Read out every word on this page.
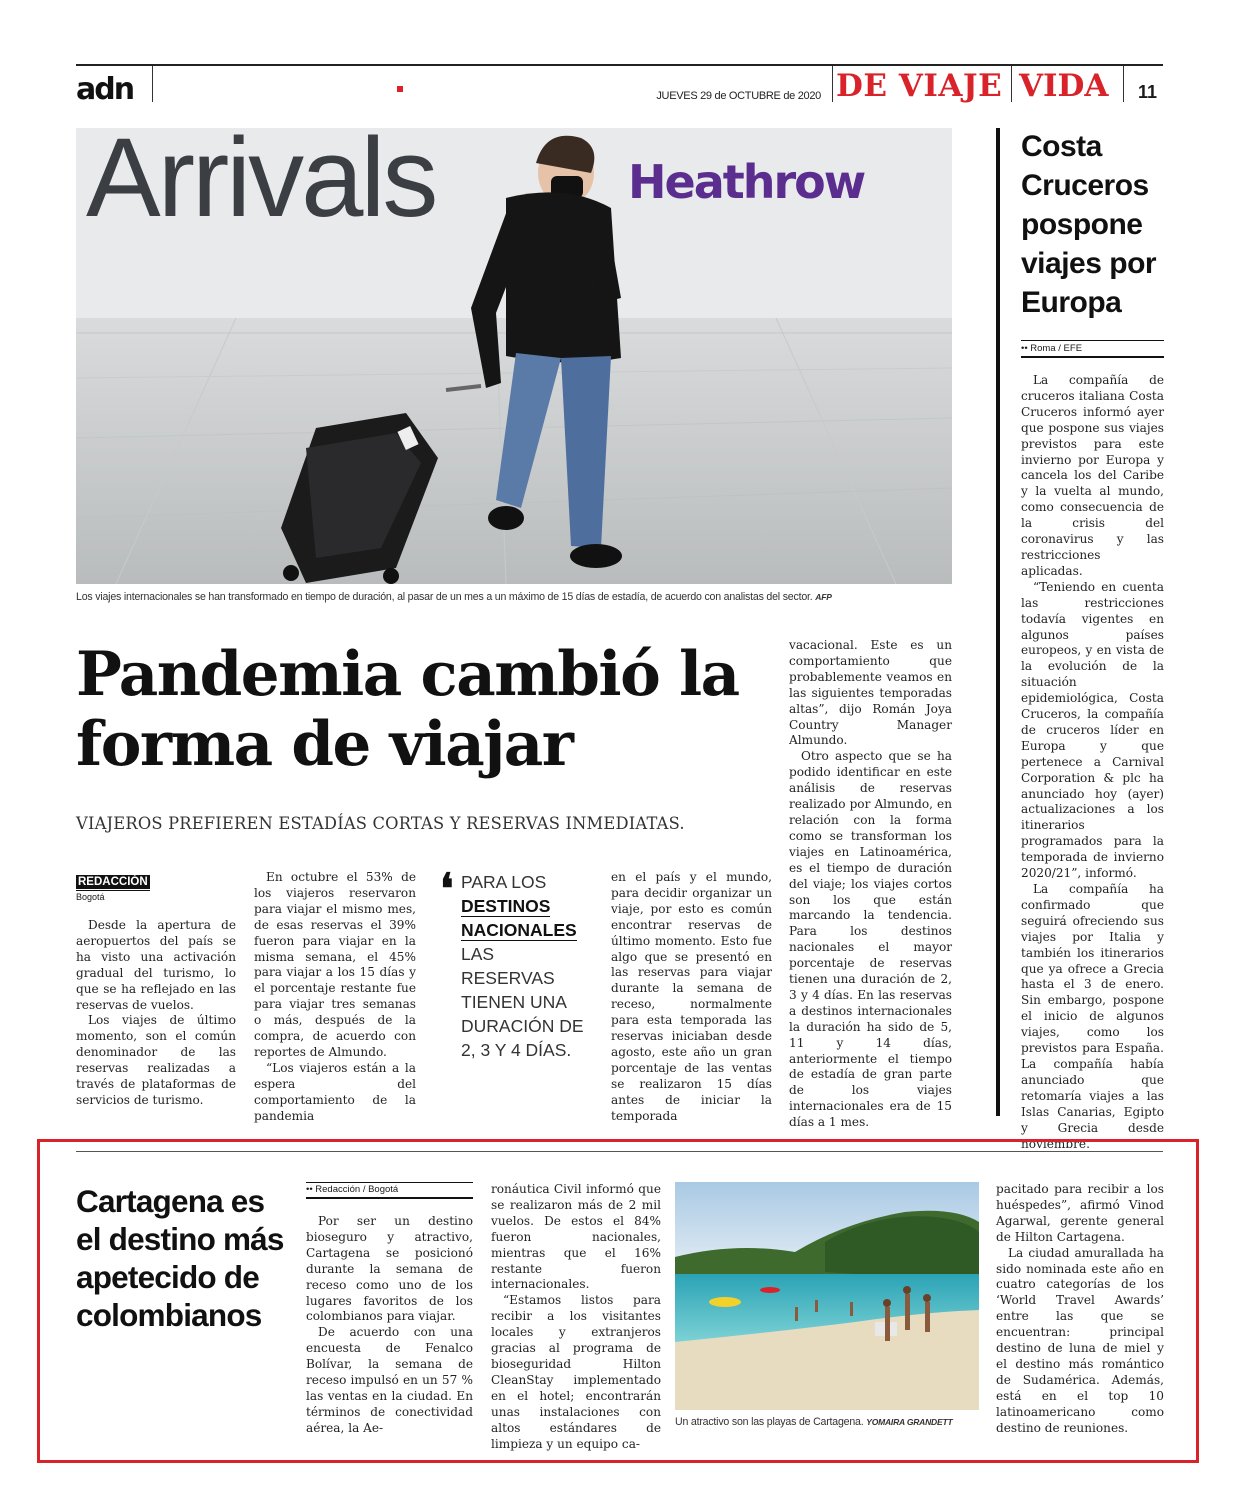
adn	JUEVES 29 de OCTUBRE de 2020 DE VIAJE VIDA 11
Arrivals	Heathrow
Los viajes internacionales se han transformado en tiempo de duración, al pasar de un mes a un máximo de 15 días de estadía, de acuerdo con analistas del sector. AFP
Pandemia cambió la forma de viajar
VIAJEROS PREFIEREN ESTADÍAS CORTAS Y RESERVAS INMEDIATAS.
REDACCIÓN
Bogotá

Desde la apertura de aeropuertos del país se ha visto una activación gradual del turismo, lo que se ha reflejado en las reservas de vuelos.

Los viajes de último momento, son el común denominador de las reservas realizadas a través de plataformas de servicios de turismo.

En octubre el 53% de los viajeros reservaron para viajar el mismo mes, de esas reservas el 39% fueron para viajar en la misma semana, el 45% para viajar a los 15 días y el porcentaje restante fue para viajar tres semanas o más, después de la compra, de acuerdo con reportes de Almundo.

“Los viajeros están a la espera del comportamiento de la pandemia

❛ PARA LOS
DESTINOS NACIONALES
LAS RESERVAS TIENEN UNA DURACIÓN DE 2, 3 Y 4 DÍAS.

en el país y el mundo, para decidir organizar un viaje, por esto es común encontrar reservas de último momento. Esto fue algo que se presentó en las reservas para viajar durante la semana de receso, normalmente para esta temporada las reservas iniciaban desde agosto, este año un gran porcentaje de las ventas se realizaron 15 días antes de iniciar la temporada

vacacional. Este es un comportamiento que probablemente veamos en las siguientes temporadas altas”, dijo Román Joya Country Manager Almundo.

Otro aspecto que se ha podido identificar en este análisis de reservas realizado por Almundo, en relación con la forma como se transforman los viajes en Latinoamérica, es el tiempo de duración del viaje; los viajes cortos son los que están marcando la tendencia. Para los destinos nacionales el mayor porcentaje de reservas tienen una duración de 2, 3 y 4 días. En las reservas a destinos internacionales la duración ha sido de 5, 11 y 14 días, anteriormente el tiempo de estadía de gran parte de los viajes internacionales era de 15 días a 1 mes.

Costa Cruceros pospone viajes por Europa
•• Roma / EFE

La compañía de cruceros italiana Costa Cruceros informó ayer que pospone sus viajes previstos para este invierno por Europa y cancela los del Caribe y la vuelta al mundo, como consecuencia de la crisis del coronavirus y las restricciones aplicadas.

“Teniendo en cuenta las restricciones todavía vigentes en algunos países europeos, y en vista de la evolución de la situación epidemiológica, Costa Cruceros, la compañía de cruceros líder en Europa y que pertenece a Carnival Corporation & plc ha anunciado hoy (ayer) actualizaciones a los itinerarios programados para la temporada de invierno 2020/21”, informó.

La compañía ha confirmado que seguirá ofreciendo sus viajes por Italia y también los itinerarios que ya ofrece a Grecia hasta el 3 de enero. Sin embargo, pospone el inicio de algunos viajes, como los previstos para España. La compañía había anunciado que retomaría viajes a las Islas Canarias, Egipto y Grecia desde noviembre.

Cartagena es el destino más apetecido de colombianos
•• Redacción / Bogotá

Por ser un destino bioseguro y atractivo, Cartagena se posicionó durante la semana de receso como uno de los lugares favoritos de los colombianos para viajar.

De acuerdo con una encuesta de Fenalco Bolívar, la semana de receso impulsó en un 57 % las ventas en la ciudad. En términos de conectividad aérea, la Ae-

ronáutica Civil informó que se realizaron más de 2 mil vuelos. De estos el 84% fueron nacionales, mientras que el 16% restante fueron internacionales.

“Estamos listos para recibir a los visitantes locales y extranjeros gracias al programa de bioseguridad Hilton CleanStay implementado en el hotel; encontrarán unas instalaciones con altos estándares de limpieza y un equipo ca-

Un atractivo son las playas de Cartagena. YOMAIRA GRANDETT

pacitado para recibir a los huéspedes”, afirmó Vinod Agarwal, gerente general de Hilton Cartagena.

La ciudad amurallada ha sido nominada este año en cuatro categorías de los ‘World Travel Awards’ entre las que se encuentran: principal destino de luna de miel y el destino más romántico de Sudamérica. Además, está en el top 10 latinoamericano como destino de reuniones.
